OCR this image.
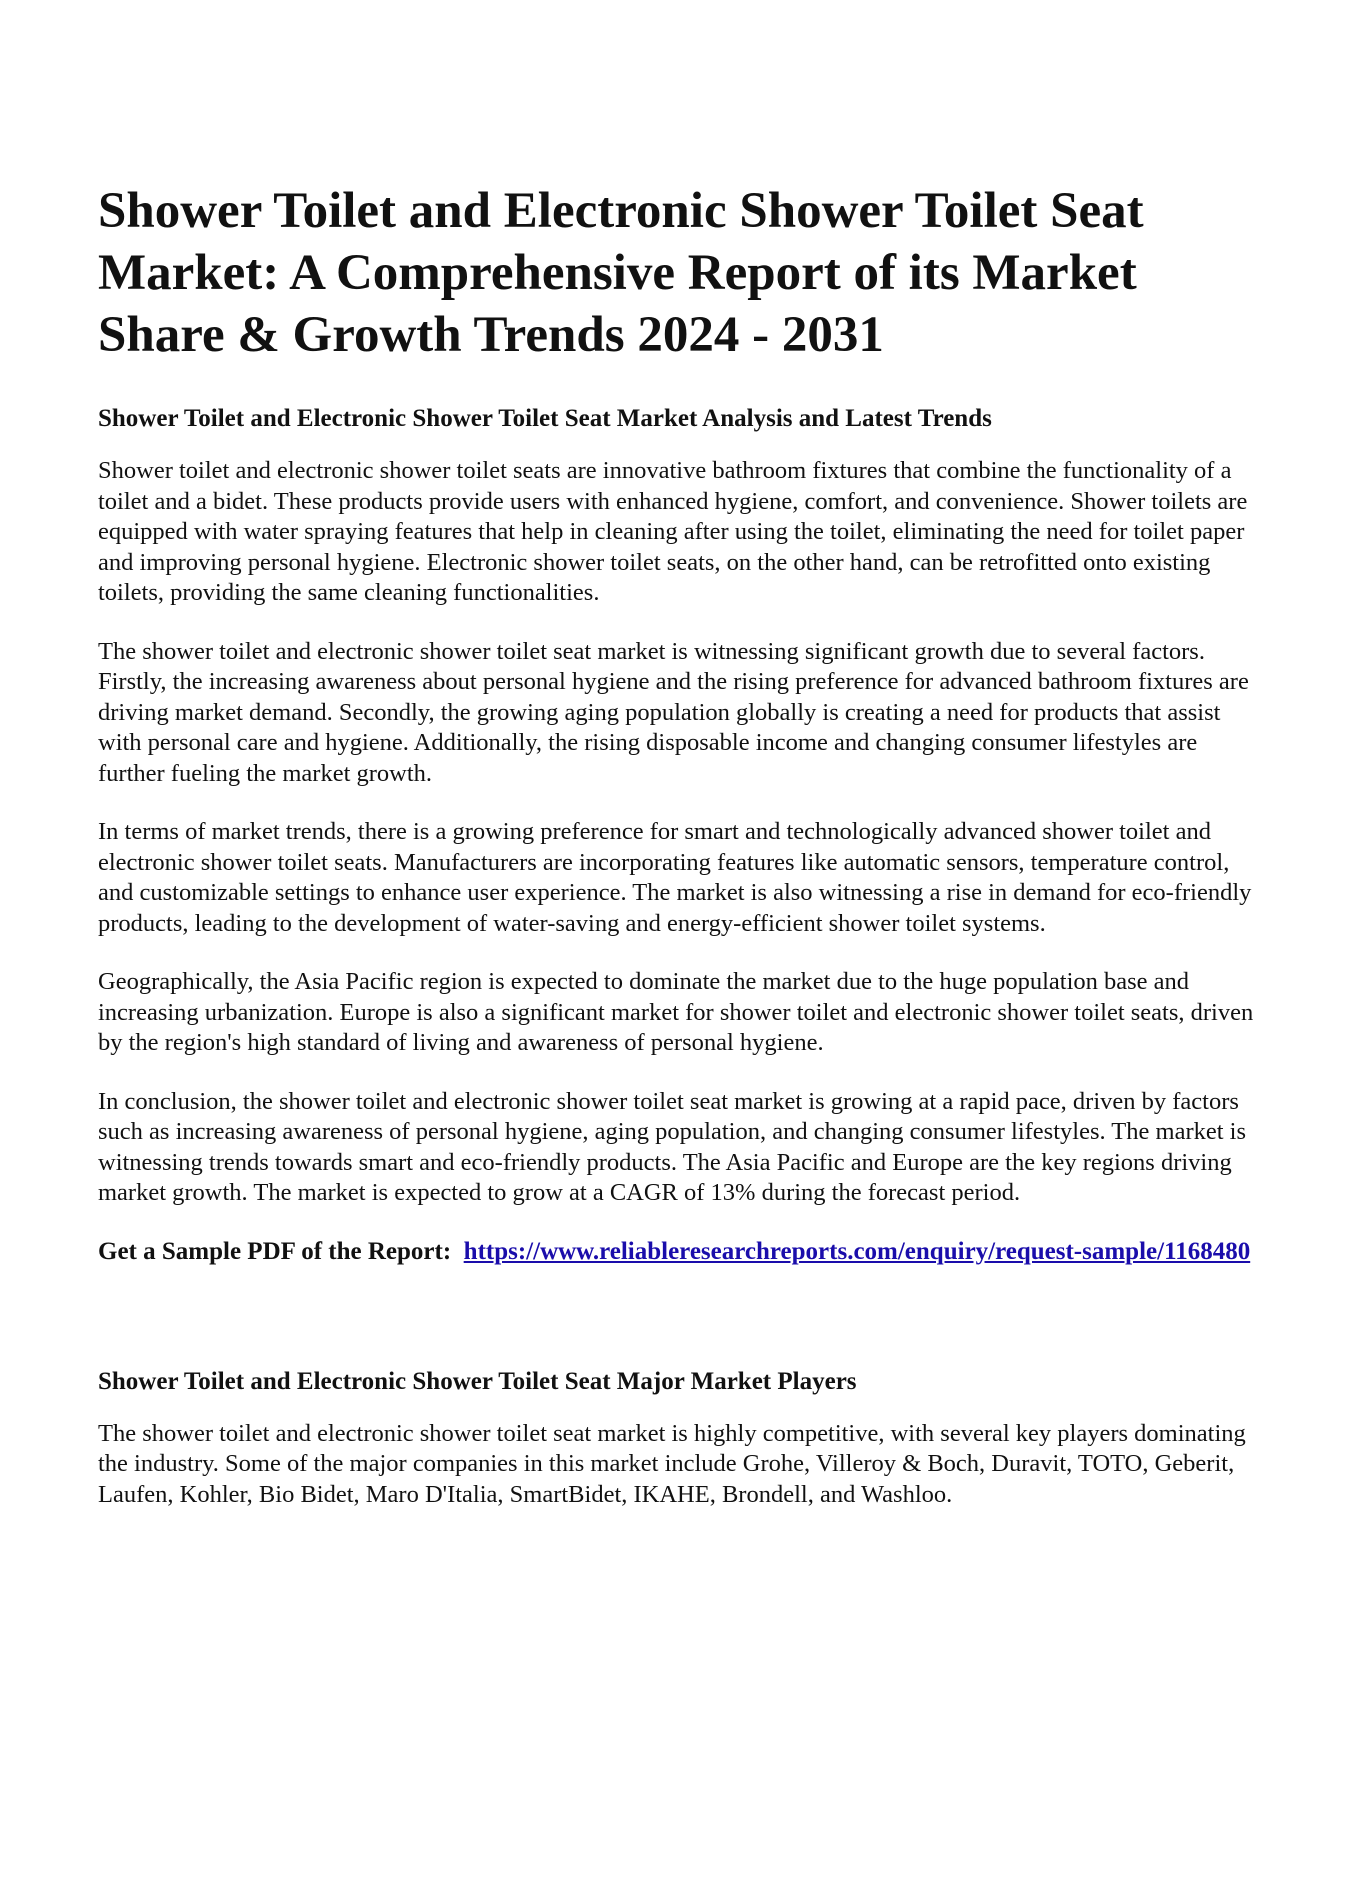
Shower Toilet and Electronic Shower Toilet Seat Market: A Comprehensive Report of its Market Share & Growth Trends 2024 - 2031
Shower Toilet and Electronic Shower Toilet Seat Market Analysis and Latest Trends

Shower toilet and electronic shower toilet seats are innovative bathroom fixtures that combine the functionality of a toilet and a bidet. These products provide users with enhanced hygiene, comfort, and convenience. Shower toilets are equipped with water spraying features that help in cleaning after using the toilet, eliminating the need for toilet paper and improving personal hygiene. Electronic shower toilet seats, on the other hand, can be retrofitted onto existing toilets, providing the same cleaning functionalities.

The shower toilet and electronic shower toilet seat market is witnessing significant growth due to several factors. Firstly, the increasing awareness about personal hygiene and the rising preference for advanced bathroom fixtures are driving market demand. Secondly, the growing aging population globally is creating a need for products that assist with personal care and hygiene. Additionally, the rising disposable income and changing consumer lifestyles are further fueling the market growth.

In terms of market trends, there is a growing preference for smart and technologically advanced shower toilet and electronic shower toilet seats. Manufacturers are incorporating features like automatic sensors, temperature control, and customizable settings to enhance user experience. The market is also witnessing a rise in demand for eco-friendly products, leading to the development of water-saving and energy-efficient shower toilet systems.

Geographically, the Asia Pacific region is expected to dominate the market due to the huge population base and increasing urbanization. Europe is also a significant market for shower toilet and electronic shower toilet seats, driven by the region's high standard of living and awareness of personal hygiene.

In conclusion, the shower toilet and electronic shower toilet seat market is growing at a rapid pace, driven by factors such as increasing awareness of personal hygiene, aging population, and changing consumer lifestyles. The market is witnessing trends towards smart and eco-friendly products. The Asia Pacific and Europe are the key regions driving market growth. The market is expected to grow at a CAGR of 13% during the forecast period.

Get a Sample PDF of the Report: https://www.reliableresearchreports.com/enquiry/request-sample/1168480
Shower Toilet and Electronic Shower Toilet Seat Major Market Players

The shower toilet and electronic shower toilet seat market is highly competitive, with several key players dominating the industry. Some of the major companies in this market include Grohe, Villeroy & Boch, Duravit, TOTO, Geberit, Laufen, Kohler, Bio Bidet, Maro D'Italia, SmartBidet, IKAHE, Brondell, and Washloo.
